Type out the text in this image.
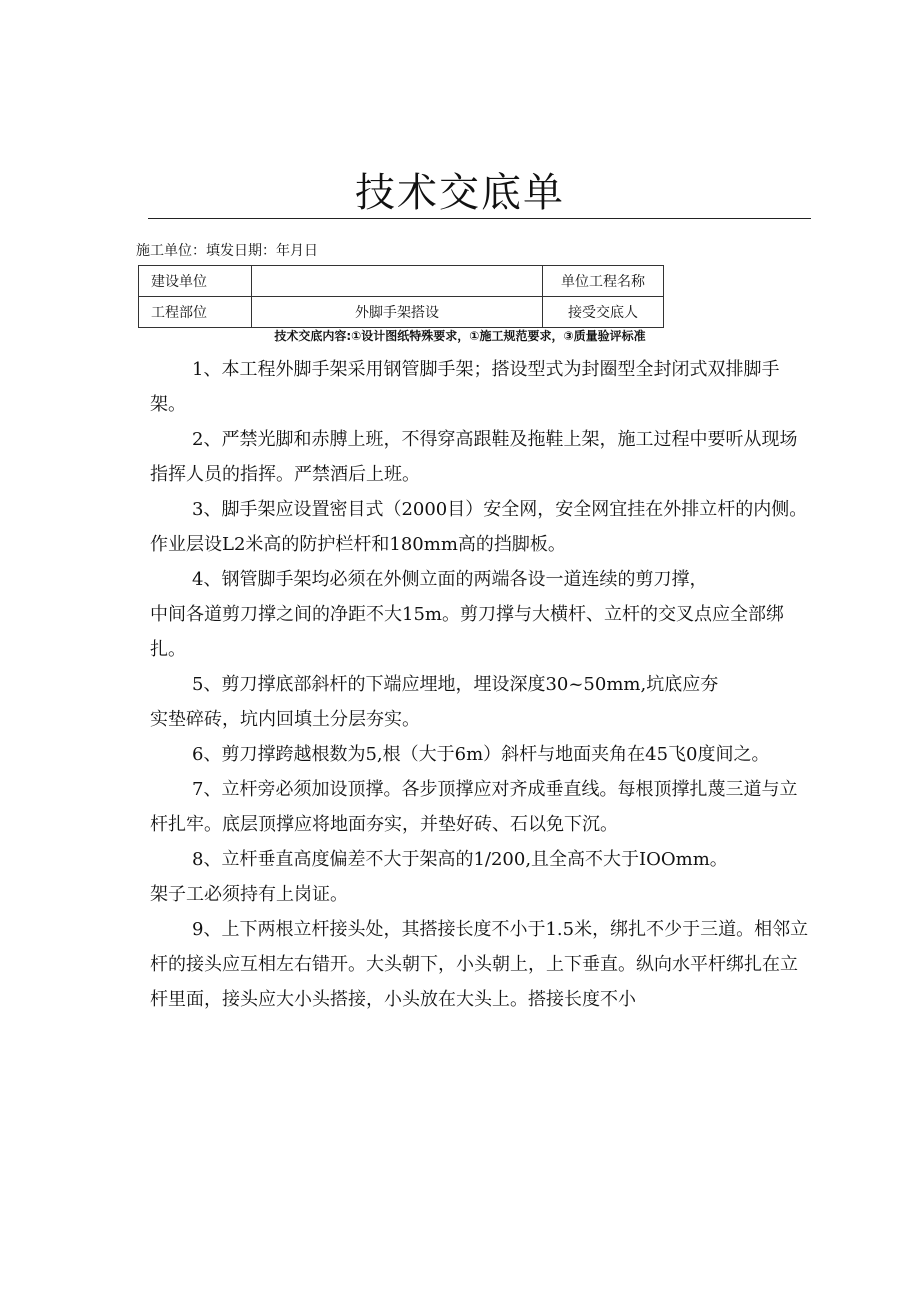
技术交底单
施工单位：填发日期：年月日
建设单位		单位工程名称
工程部位	外脚手架搭设	接受交底人
技术交底内容:①设计图纸特殊要求，①施工规范要求，③质量验评标准

1、本工程外脚手架采用钢管脚手架；搭设型式为封圈型全封闭式双排脚手架。

2、严禁光脚和赤膊上班，不得穿高跟鞋及拖鞋上架，施工过程中要听从现场指挥人员的指挥。严禁酒后上班。

3、脚手架应设置密目式（2000目）安全网，安全网宜挂在外排立杆的内侧。作业层设L2米高的防护栏杆和180mm高的挡脚板。

4、钢管脚手架均必须在外侧立面的两端各设一道连续的剪刀撑，

中间各道剪刀撑之间的净距不大15m。剪刀撑与大横杆、立杆的交叉点应全部绑扎。

5、剪刀撑底部斜杆的下端应埋地，埋设深度30~50mm,坑底应夯

实垫碎砖，坑内回填土分层夯实。

6、剪刀撑跨越根数为5,根（大于6m）斜杆与地面夹角在45飞0度间之。

7、立杆旁必须加设顶撑。各步顶撑应对齐成垂直线。每根顶撑扎蔑三道与立杆扎牢。底层顶撑应将地面夯实，并垫好砖、石以免下沉。

8、立杆垂直高度偏差不大于架高的1/200,且全高不大于IOOmm。

架子工必须持有上岗证。

9、上下两根立杆接头处，其搭接长度不小于1.5米，绑扎不少于三道。相邻立杆的接头应互相左右错开。大头朝下，小头朝上，上下垂直。纵向水平杆绑扎在立杆里面，接头应大小头搭接，小头放在大头上。搭接长度不小
